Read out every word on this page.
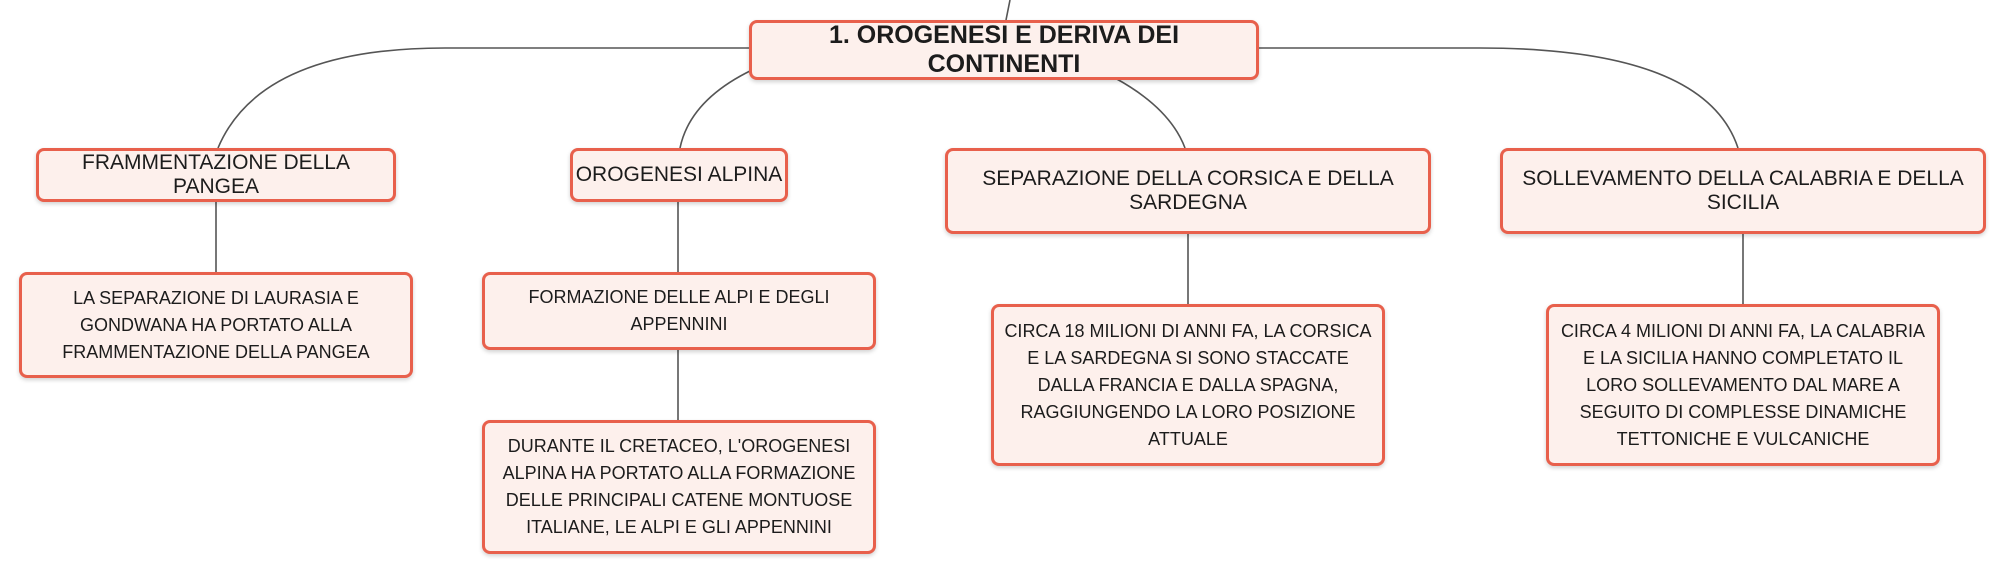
1. OROGENESI E DERIVA DEI CONTINENTI
FRAMMENTAZIONE DELLA PANGEA
OROGENESI ALPINA	SEPARAZIONE DELLA CORSICA E DELLA SARDEGNA
SOLLEVAMENTO DELLA CALABRIA E DELLA SICILIA
LA SEPARAZIONE DI LAURASIA E GONDWANA HA PORTATO ALLA FRAMMENTAZIONE DELLA PANGEA
FORMAZIONE DELLE ALPI E DEGLI APPENNINI
DURANTE IL CRETACEO, L'OROGENESI ALPINA HA PORTATO ALLA FORMAZIONE DELLE PRINCIPALI CATENE MONTUOSE ITALIANE, LE ALPI E GLI APPENNINI
CIRCA 18 MILIONI DI ANNI FA, LA CORSICA E LA SARDEGNA SI SONO STACCATE DALLA FRANCIA E DALLA SPAGNA, RAGGIUNGENDO LA LORO POSIZIONE ATTUALE
CIRCA 4 MILIONI DI ANNI FA, LA CALABRIA E LA SICILIA HANNO COMPLETATO IL LORO SOLLEVAMENTO DAL MARE A SEGUITO DI COMPLESSE DINAMICHE TETTONICHE E VULCANICHE
